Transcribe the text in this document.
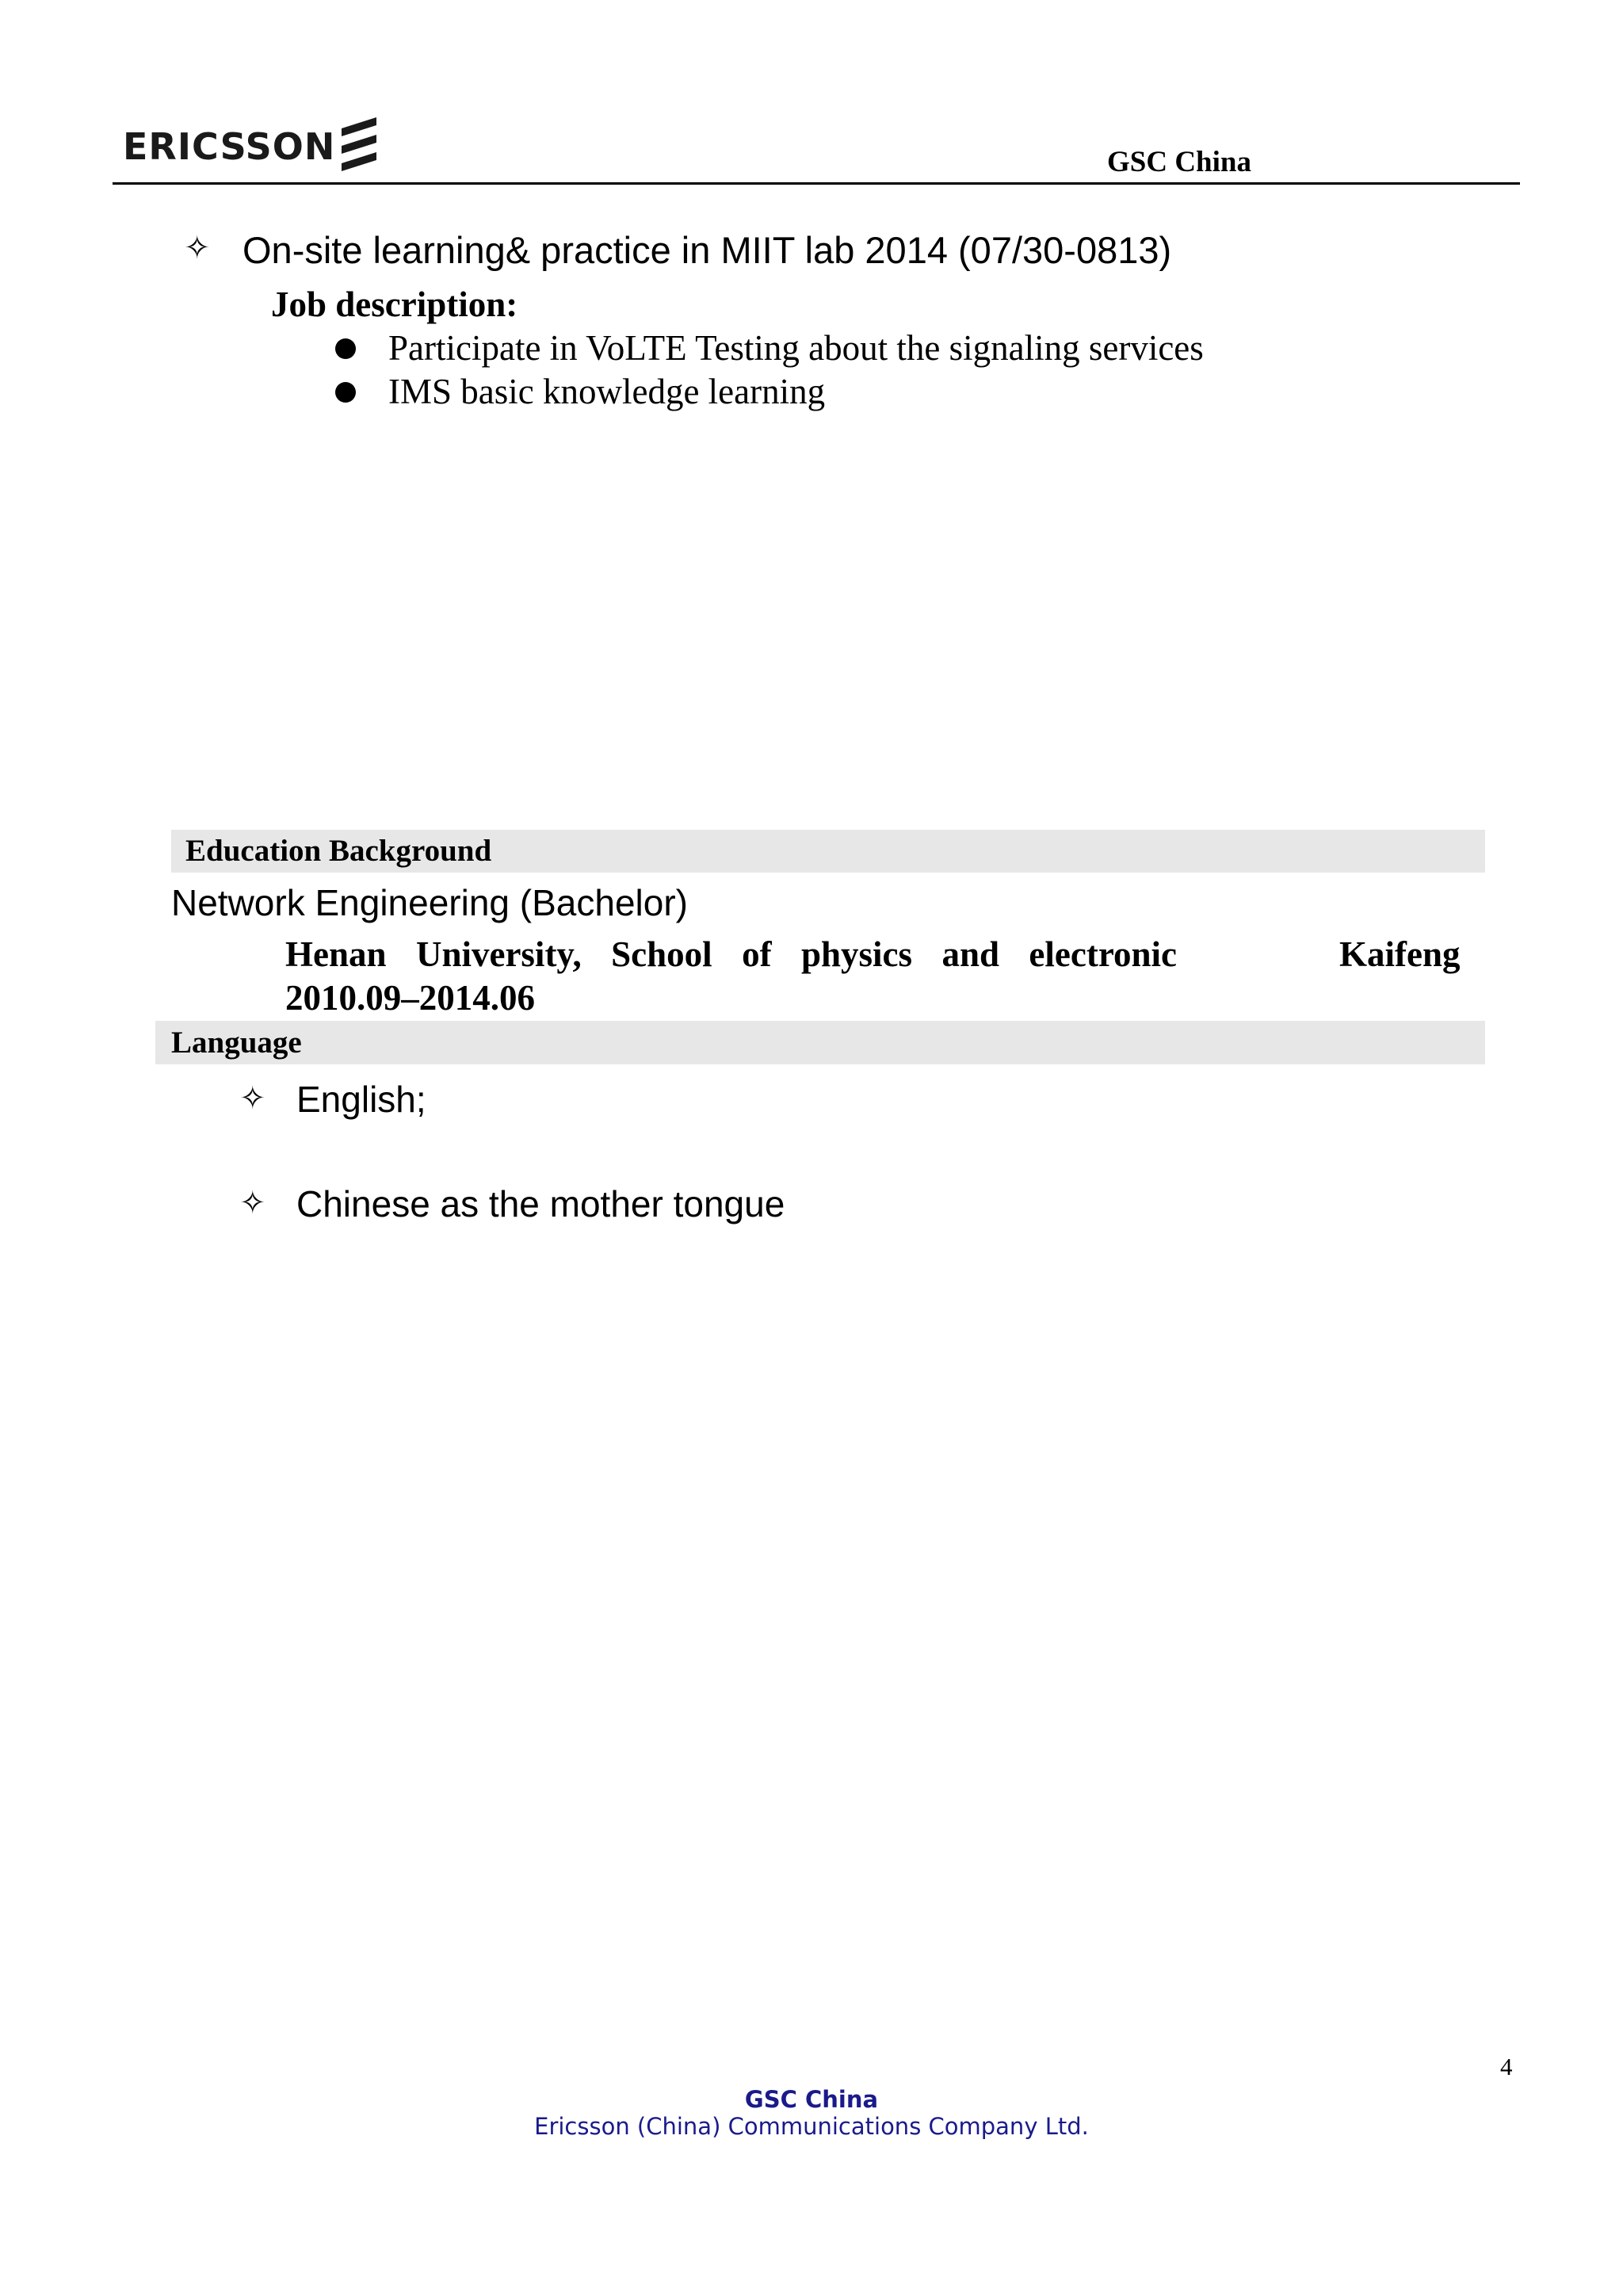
ERICSSON	GSC China
✧ On-site learning& practice in MIIT lab 2014 (07/30-0813)
Job description:
Participate in VoLTE Testing about the signaling services
IMS basic knowledge learning
Education Background
Network Engineering (Bachelor)
Henan University, School of physics and electronic	Kaifeng
2010.09–2014.06
Language
✧ English;
✧ Chinese as the mother tongue
4
GSC China
Ericsson (China) Communications Company Ltd.
